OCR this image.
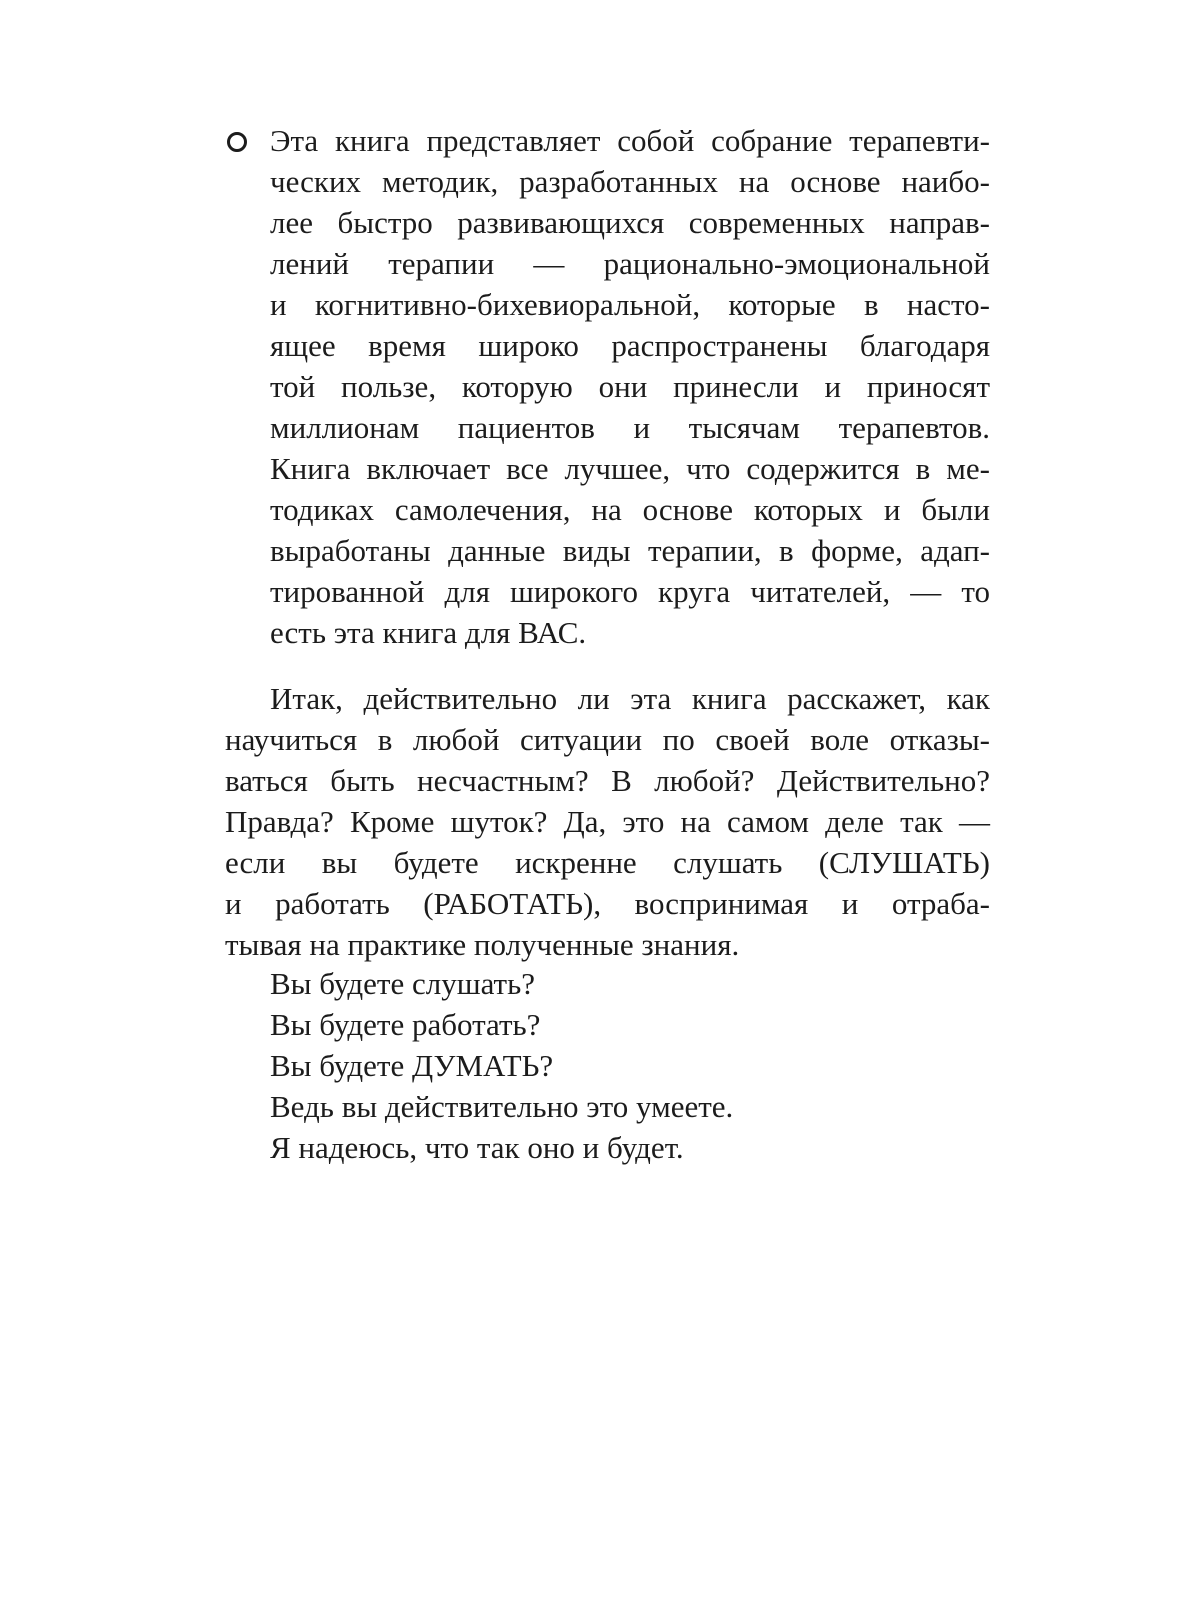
Эта книга представляет собой собрание терапевти-
ческих методик, разработанных на основе наибо-
лее быстро развивающихся современных направ-
лений терапии — рационально-эмоциональной
и когнитивно-бихевиоральной, которые в насто-
ящее время широко распространены благодаря
той пользе, которую они принесли и приносят
миллионам пациентов и тысячам терапевтов.
Книга включает все лучшее, что содержится в ме-
тодиках самолечения, на основе которых и были
выработаны данные виды терапии, в форме, адап-
тированной для широкого круга читателей, — то
есть эта книга для ВАС.
Итак, действительно ли эта книга расскажет, как
научиться в любой ситуации по своей воле отказы-
ваться быть несчастным? В любой? Действительно?
Правда? Кроме шуток? Да, это на самом деле так —
если вы будете искренне слушать (СЛУШАТЬ)
и работать (РАБОТАТЬ), воспринимая и отраба-
тывая на практике полученные знания.
Вы будете слушать?
Вы будете работать?
Вы будете ДУМАТЬ?
Ведь вы действительно это умеете.
Я надеюсь, что так оно и будет.
